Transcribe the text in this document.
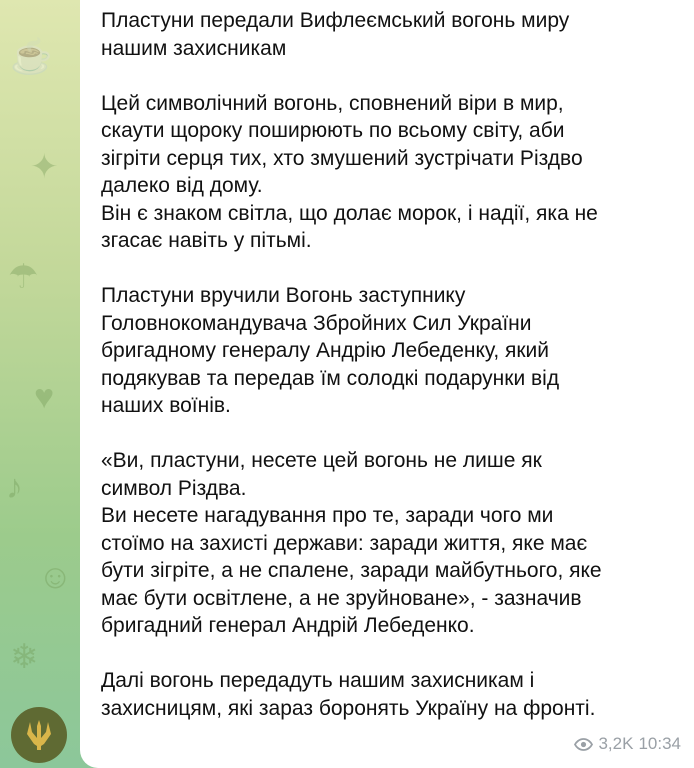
☕
✦
☂
♥
♪
☺
❄

Пластуни передали Вифлеємський вогонь миру
нашим захисникам

Цей символічний вогонь, сповнений віри в мир,
скаути щороку поширюють по всьому світу, аби
зігріти серця тих, хто змушений зустрічати Різдво
далеко від дому.
Він є знаком світла, що долає морок, і надії, яка не
згасає навіть у пітьмі.

Пластуни вручили Вогонь заступнику
Головнокомандувача Збройних Сил України
бригадному генералу Андрію Лебеденку, який
подякував та передав їм солодкі подарунки від
наших воїнів.

«Ви, пластуни, несете цей вогонь не лише як
символ Різдва.
Ви несете нагадування про те, заради чого ми
стоїмо на захисті держави: заради життя, яке має
бути зігріте, а не спалене, заради майбутнього, яке
має бути освітлене, а не зруйноване», - зазначив
бригадний генерал Андрій Лебеденко.

Далі вогонь передадуть нашим захисникам і
захисницям, які зараз боронять Україну на фронті.

3,2K 10:34
